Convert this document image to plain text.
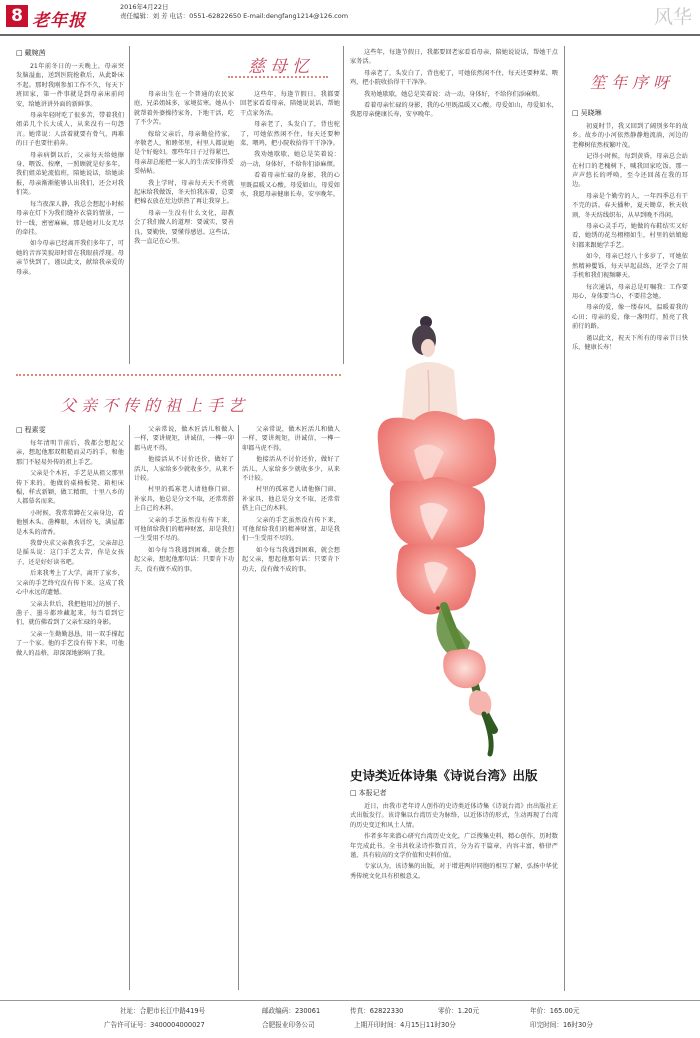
8 老年报
2016年4月22日
责任编辑：刘 芳 电话：0551-62822650 E-mail:dengfang1214@126.com	风华
□ 戴婉茜

21年前冬日的一天晚上，母亲突发脑溢血，送到医院抢救后，从此卧床不起。那时我刚参加工作不久，每天下班回家，第一件事就是到母亲床前问安，给她讲讲外面的新鲜事。

母亲年轻时吃了很多苦，带着我们姐弟几个长大成人，从来没有一句怨言。她常说：人活着就要有骨气，再难的日子也要往前奔。

母亲病倒以后，父亲每天给她擦身、喂饭、按摩，一照顾就是好多年。我们姐弟轮流值班，陪她说话，给她读报，母亲渐渐能够认出我们，还会对我们笑。

每当夜深人静，我总会想起小时候母亲在灯下为我们缝补衣裳的情景，一针一线，密密麻麻，那是她对儿女无尽的牵挂。

如今母亲已经离开我们多年了，可她的音容笑貌却时常在我眼前浮现。母亲节快到了，谨以此文，献给我亲爱的母亲。

慈母忆

母亲出生在一个普通的农民家庭，兄弟姐妹多，家境贫寒。她从小就帮着外婆操持家务，下地干活，吃了不少苦。

嫁给父亲后，母亲勤俭持家，孝敬老人，和睦邻里，村里人都说她是个好媳妇。那些年日子过得紧巴，母亲却总能把一家人的生活安排得妥妥帖帖。

我上学时，母亲每天天不亮就起床给我做饭，冬天怕我冻着，总要把棉衣放在灶边烘热了再让我穿上。

母亲一生没有什么文化，却教会了我们做人的道理：要诚实，要善良，要勤快，要懂得感恩。这些话，我一直记在心里。

这些年，每逢节假日，我都要回老家看看母亲，陪她说说话，帮她干点家务活。

母亲老了，头发白了，背也驼了，可她依然闲不住，每天还要种菜、喂鸡，把小院收拾得干干净净。

我劝她歇歇，她总是笑着说：动一动，身体好，不给你们添麻烦。

看着母亲忙碌的身影，我的心里既温暖又心酸。母爱如山，母爱如水，我愿母亲健康长寿，安享晚年。

这些年，每逢节假日，我都要回老家看看母亲，陪她说说话，帮她干点家务活。

母亲老了，头发白了，背也驼了，可她依然闲不住，每天还要种菜、喂鸡，把小院收拾得干干净净。

我劝她歇歇，她总是笑着说：动一动，身体好，不给你们添麻烦。

看着母亲忙碌的身影，我的心里既温暖又心酸。母爱如山，母爱如水，我愿母亲健康长寿，安享晚年。

笙年序呀
□ 吴晓琳

初夏时节，我又回到了阔别多年的故乡。故乡的小河依然静静地流淌，河边的老柳树依然枝繁叶茂。

记得小时候，每到黄昏，母亲总会站在村口的老槐树下，喊我回家吃饭。那一声声悠长的呼唤，至今还回荡在我的耳边。

母亲是个勤劳的人，一年四季总有干不完的活。春天播种，夏天锄草，秋天收割，冬天纺线织布，从早到晚不得闲。

母亲心灵手巧，她做的布鞋结实又好看，她绣的花鸟栩栩如生，村里的姑娘媳妇都来跟她学手艺。

如今，母亲已经八十多岁了，可她依然精神矍铄，每天早起晨练，还学会了用手机和我们视频聊天。

每次通话，母亲总是叮嘱我：工作要用心，身体要当心，不要挂念她。

母亲的爱，像一缕春风，温暖着我的心田；母亲的爱，像一盏明灯，照亮了我前行的路。

谨以此文，祝天下所有的母亲节日快乐，健康长寿！

父亲不传的祖上手艺
□ 程素雯

每年清明节前后，我都会想起父亲，想起他那双粗糙而灵巧的手，和他那门不轻易外传的祖上手艺。

父亲是个木匠，手艺是从祖父那里传下来的。他做的桌椅板凳、箱柜床榻，样式新颖，做工精细，十里八乡的人都慕名而来。

小时候，我常常蹲在父亲身边，看他刨木头、凿榫眼，木屑纷飞，满屋都是木头的清香。

我曾央求父亲教我手艺，父亲却总是摇头说：这门手艺太苦，你是女孩子，还是好好读书吧。

后来我考上了大学，离开了家乡，父亲的手艺终究没有传下来。这成了我心中永远的遗憾。

父亲去世后，我把他用过的刨子、凿子、墨斗都珍藏起来，每当看到它们，就仿佛看到了父亲忙碌的身影。

父亲一生勤勤恳恳，用一双手撑起了一个家。他的手艺没有传下来，可他做人的品格，却深深地影响了我。

父亲常说，做木匠活儿和做人一样，要讲规矩，讲诚信，一榫一卯都马虎不得。

他接活从不讨价还价，做好了活儿，人家给多少就收多少，从来不计较。

村里的孤寡老人请他修门窗、补家具，他总是分文不取，还常常搭上自己的木料。

父亲的手艺虽然没有传下来，可他留给我们的精神财富，却是我们一生受用不尽的。

如今每当我遇到困难，就会想起父亲，想起他那句话：只要肯下功夫，没有做不成的事。

父亲常说，做木匠活儿和做人一样，要讲规矩，讲诚信，一榫一卯都马虎不得。

他接活从不讨价还价，做好了活儿，人家给多少就收多少，从来不计较。

村里的孤寡老人请他修门窗、补家具，他总是分文不取，还常常搭上自己的木料。

父亲的手艺虽然没有传下来，可他留给我们的精神财富，却是我们一生受用不尽的。

如今每当我遇到困难，就会想起父亲，想起他那句话：只要肯下功夫，没有做不成的事。

史诗类近体诗集《诗说台湾》出版
□ 本报记者

近日，由我市老年诗人创作的史诗类近体诗集《诗说台湾》由出版社正式出版发行。该诗集以台湾历史为脉络，以近体诗的形式，生动再现了台湾的历史变迁和风土人情。

作者多年来潜心研究台湾历史文化，广泛搜集史料，精心创作，历时数年完成此书。全书共收录诗作数百首，分为若干篇章，内容丰富，格律严谨，具有较高的文学价值和史料价值。

专家认为，该诗集的出版，对于增进两岸同胞的相互了解，弘扬中华优秀传统文化具有积极意义。

社址：合肥市长江中路419号	邮政编码：230061	传真：62822330	零价：1.20元	年价：165.00元
广告许可证号：3400004000027	合肥报业印务公司	上期开印时间：4月15日11时30分	印完时间：16时30分
